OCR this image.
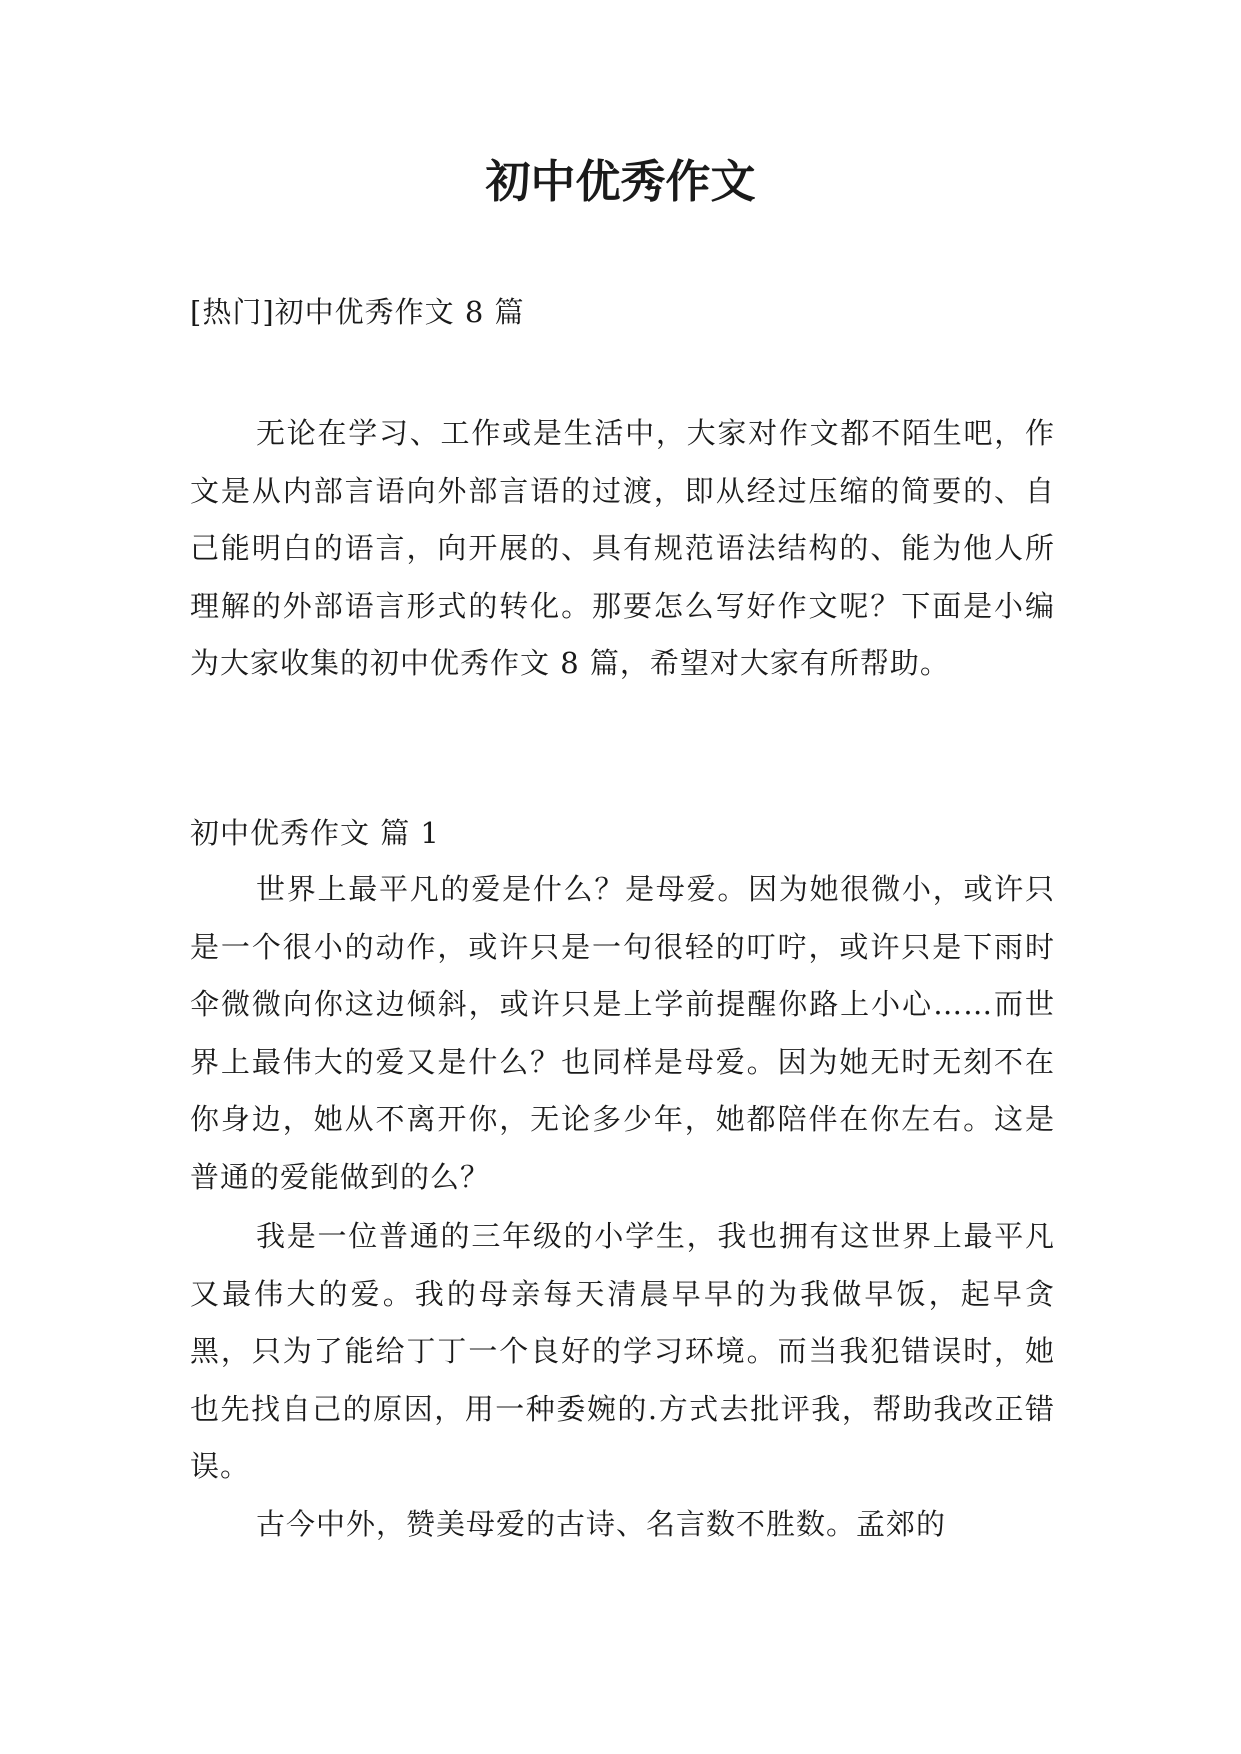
初中优秀作文

[热门]初中优秀作文 8 篇

无论在学习、工作或是生活中，大家对作文都不陌生吧，作文是从内部言语向外部言语的过渡，即从经过压缩的简要的、自己能明白的语言，向开展的、具有规范语法结构的、能为他人所理解的外部语言形式的转化。那要怎么写好作文呢？下面是小编为大家收集的初中优秀作文 8 篇，希望对大家有所帮助。

初中优秀作文 篇 1

世界上最平凡的爱是什么？是母爱。因为她很微小，或许只是一个很小的动作，或许只是一句很轻的叮咛，或许只是下雨时伞微微向你这边倾斜，或许只是上学前提醒你路上小心……而世界上最伟大的爱又是什么？也同样是母爱。因为她无时无刻不在你身边，她从不离开你，无论多少年，她都陪伴在你左右。这是普通的爱能做到的么？

我是一位普通的三年级的小学生，我也拥有这世界上最平凡又最伟大的爱。我的母亲每天清晨早早的为我做早饭，起早贪黑，只为了能给丁丁一个良好的学习环境。而当我犯错误时，她也先找自己的原因，用一种委婉的.方式去批评我，帮助我改正错误。

古今中外，赞美母爱的古诗、名言数不胜数。孟郊的
